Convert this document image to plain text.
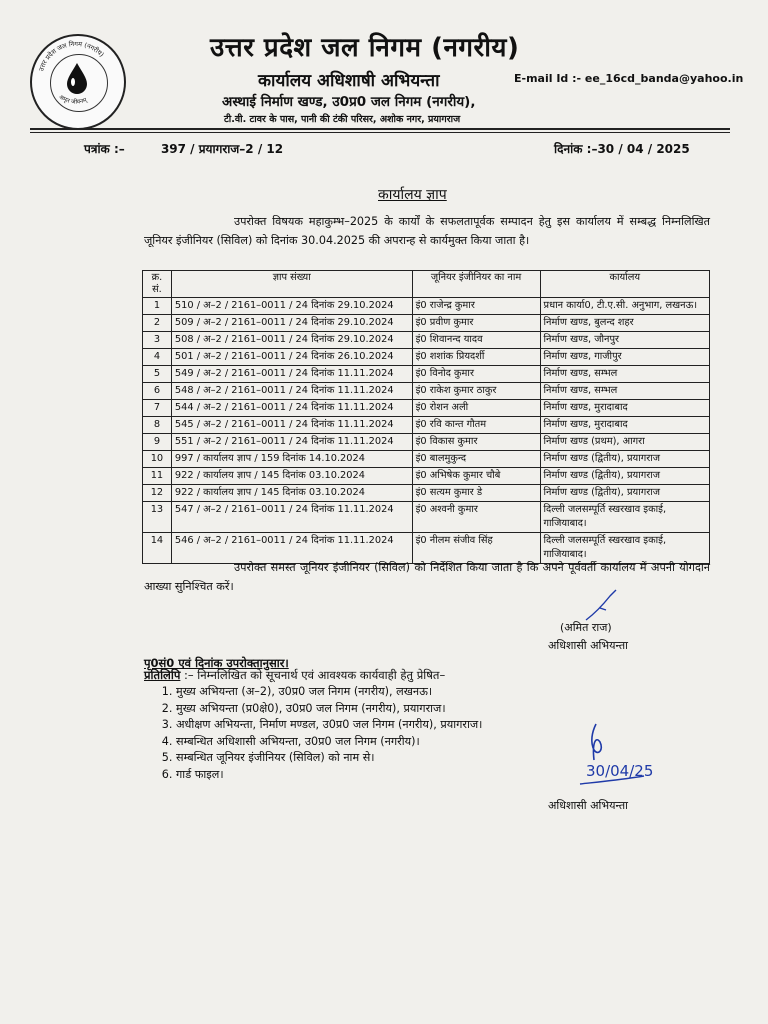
उत्तर प्रदेश जल निगम (नगरीय)
अमृत जीवनम्
उत्तर प्रदेश जल निगम (नगरीय)
कार्यालय अधिशाषी अभियन्ता	E-mail Id :- ee_16cd_banda@yahoo.in
अस्थाई निर्माण खण्ड, उ0प्र0 जल निगम (नगरीय),
टी.वी. टावर के पास, पानी की टंकी परिसर, अशोक नगर, प्रयागराज
पत्रांक :–	397 / प्रयागराज–2 / 12	दिनांक :–30 / 04 / 2025
कार्यालय ज्ञाप
उपरोक्त विषयक महाकुम्भ–2025 के कार्यों के सफलतापूर्वक सम्पादन हेतु इस कार्यालय में सम्बद्ध निम्नलिखित जूनियर इंजीनियर (सिविल) को दिनांक 30.04.2025 की अपरान्ह से कार्यमुक्त किया जाता है।
क्र. सं.	ज्ञाप संख्या	जूनियर इंजीनियर का नाम	कार्यालय
1	510 / अ–2 / 2161–0011 / 24 दिनांक 29.10.2024	इं0 राजेन्द्र कुमार	प्रधान कार्या0, टी.ए.सी. अनुभाग, लखनऊ।
2	509 / अ–2 / 2161–0011 / 24 दिनांक 29.10.2024	इं0 प्रवीण कुमार	निर्माण खण्ड, बुलन्द शहर
3	508 / अ–2 / 2161–0011 / 24 दिनांक 29.10.2024	इं0 शिवानन्द यादव	निर्माण खण्ड, जौनपुर
4	501 / अ–2 / 2161–0011 / 24 दिनांक 26.10.2024	इं0 शशांक प्रियदर्शी	निर्माण खण्ड, गाजीपुर
5	549 / अ–2 / 2161–0011 / 24 दिनांक 11.11.2024	इं0 विनोद कुमार	निर्माण खण्ड, सम्भल
6	548 / अ–2 / 2161–0011 / 24 दिनांक 11.11.2024	इं0 राकेश कुमार ठाकुर	निर्माण खण्ड, सम्भल
7	544 / अ–2 / 2161–0011 / 24 दिनांक 11.11.2024	इं0 रोशन अली	निर्माण खण्ड, मुरादाबाद
8	545 / अ–2 / 2161–0011 / 24 दिनांक 11.11.2024	इं0 रवि कान्त गौतम	निर्माण खण्ड, मुरादाबाद
9	551 / अ–2 / 2161–0011 / 24 दिनांक 11.11.2024	इं0 विकास कुमार	निर्माण खण्ड (प्रथम), आगरा
10	997 / कार्यालय ज्ञाप / 159 दिनांक 14.10.2024	इं0 बालमुकुन्द	निर्माण खण्ड (द्वितीय), प्रयागराज
11	922 / कार्यालय ज्ञाप / 145 दिनांक 03.10.2024	इं0 अभिषेक कुमार चौबे	निर्माण खण्ड (द्वितीय), प्रयागराज
12	922 / कार्यालय ज्ञाप / 145 दिनांक 03.10.2024	इं0 सत्यम कुमार डे	निर्माण खण्ड (द्वितीय), प्रयागराज
13	547 / अ–2 / 2161–0011 / 24 दिनांक 11.11.2024	इं0 अश्वनी कुमार	दिल्ली जलसम्पूर्ति स्खरखाव इकाई, गाजियाबाद।
14	546 / अ–2 / 2161–0011 / 24 दिनांक 11.11.2024	इं0 नीलम संजीव सिंह	दिल्ली जलसम्पूर्ति स्खरखाव इकाई, गाजियाबाद।
उपरोक्त समस्त जूनियर इंजीनियर (सिविल) को निर्देशित किया जाता है कि अपने पूर्ववर्ती कार्यालय में अपनी योगदान आख्या सुनिश्चित करें।
(अमित राज)
अधिशासी अभियन्ता
पृ0सं0 एवं दिनांक उपरोक्तानुसार।
प्रतिलिपि :– निम्नलिखित को सूचनार्थ एवं आवश्यक कार्यवाही हेतु प्रेषित–
1. मुख्य अभियन्ता (अ–2), उ0प्र0 जल निगम (नगरीय), लखनऊ।
2. मुख्य अभियन्ता (प्र0क्षे0), उ0प्र0 जल निगम (नगरीय), प्रयागराज।
3. अधीक्षण अभियन्ता, निर्माण मण्डल, उ0प्र0 जल निगम (नगरीय), प्रयागराज।
4. सम्बन्धित अधिशासी अभियन्ता, उ0प्र0 जल निगम (नगरीय)।
5. सम्बन्धित जूनियर इंजीनियर (सिविल) को नाम से।
6. गार्ड फाइल।	30/04/25
अधिशासी अभियन्ता
